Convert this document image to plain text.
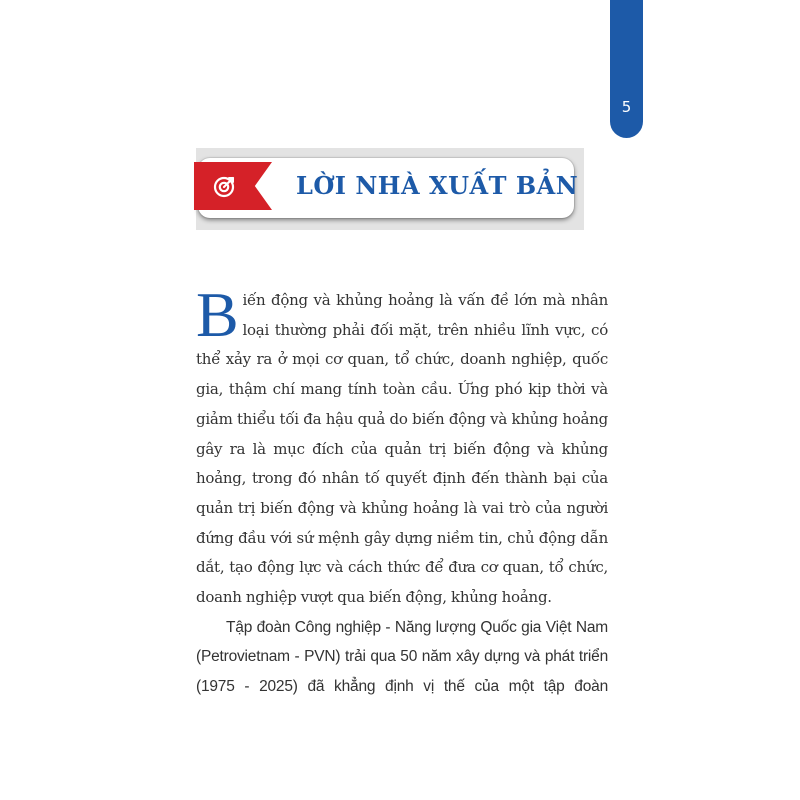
5
LỜI NHÀ XUẤT BẢN

Biến động và khủng hoảng là vấn đề lớn mà nhân loại thường phải đối mặt, trên nhiều lĩnh vực, có thể xảy ra ở mọi cơ quan, tổ chức, doanh nghiệp, quốc gia, thậm chí mang tính toàn cầu. Ứng phó kịp thời và giảm thiểu tối đa hậu quả do biến động và khủng hoảng gây ra là mục đích của quản trị biến động và khủng hoảng, trong đó nhân tố quyết định đến thành bại của quản trị biến động và khủng hoảng là vai trò của người đứng đầu với sứ mệnh gây dựng niềm tin, chủ động dẫn dắt, tạo động lực và cách thức để đưa cơ quan, tổ chức, doanh nghiệp vượt qua biến động, khủng hoảng.

Tập đoàn Công nghiệp - Năng lượng Quốc gia Việt Nam (Petrovietnam - PVN) trải qua 50 năm xây dựng và phát triển (1975 - 2025) đã khẳng định vị thế của một tập đoàn
